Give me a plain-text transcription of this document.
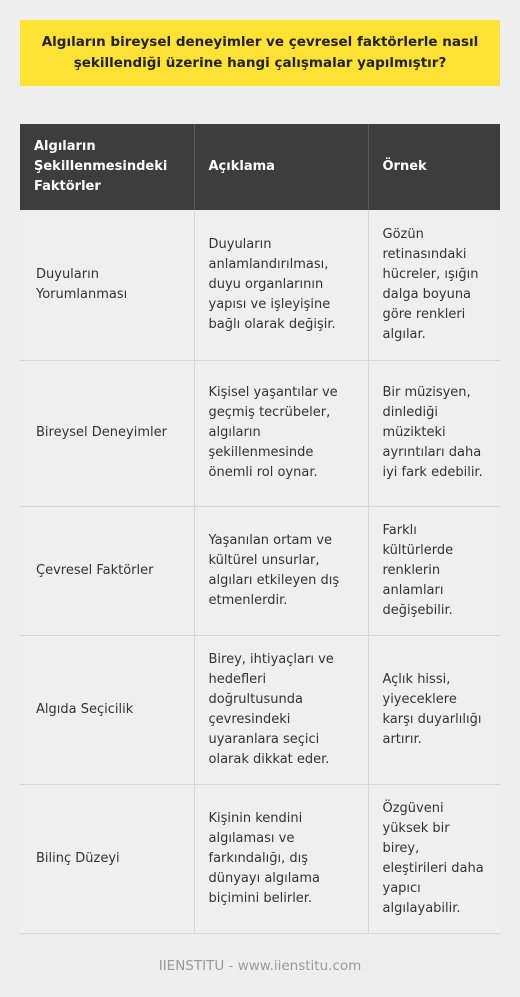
Algıların bireysel deneyimler ve çevresel faktörlerle nasıl şekillendiği üzerine hangi çalışmalar yapılmıştır?
Algıların Şekillenmesindeki Faktörler	Açıklama	Örnek
Duyuların Yorumlanması	Duyuların anlamlandırılması, duyu organlarının yapısı ve işleyişine bağlı olarak değişir.	Gözün retinasındaki hücreler, ışığın dalga boyuna göre renkleri algılar.
Bireysel Deneyimler	Kişisel yaşantılar ve geçmiş tecrübeler, algıların şekillenmesinde önemli rol oynar.	Bir müzisyen, dinlediği müzikteki ayrıntıları daha iyi fark edebilir.
Çevresel Faktörler	Yaşanılan ortam ve kültürel unsurlar, algıları etkileyen dış etmenlerdir.	Farklı kültürlerde renklerin anlamları değişebilir.
Algıda Seçicilik	Birey, ihtiyaçları ve hedefleri doğrultusunda çevresindeki uyaranlara seçici olarak dikkat eder.	Açlık hissi, yiyeceklere karşı duyarlılığı artırır.
Bilinç Düzeyi	Kişinin kendini algılaması ve farkındalığı, dış dünyayı algılama biçimini belirler.	Özgüveni yüksek bir birey, eleştirileri daha yapıcı algılayabilir.
IIENSTITU - www.iienstitu.com
